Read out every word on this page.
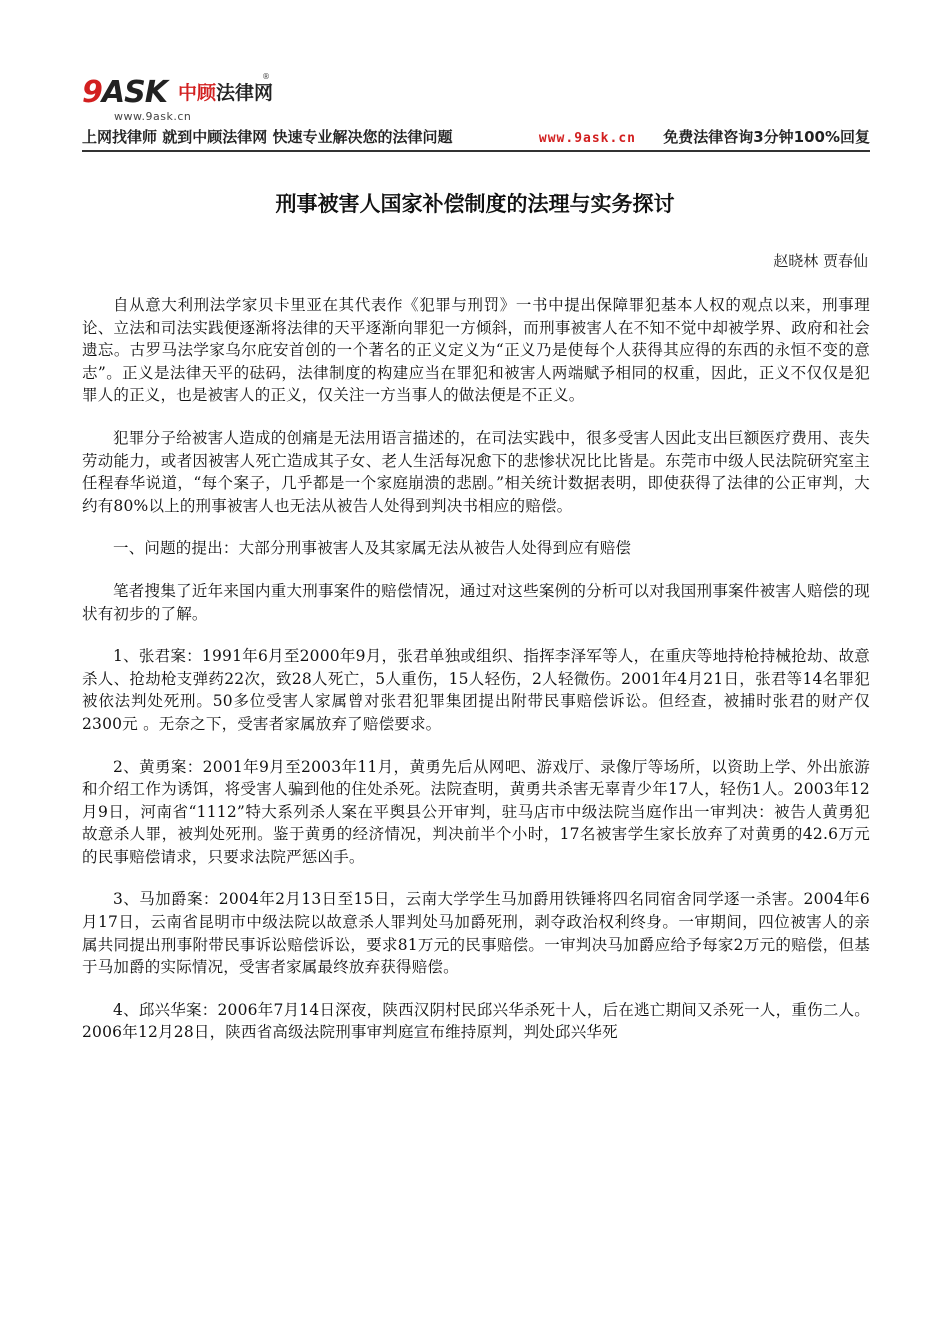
9ASK 中顾法律网
®
www.9ask.cn
上网找律师 就到中顾法律网 快速专业解决您的法律问题	www.9ask.cn 免费法律咨询3分钟100%回复
刑事被害人国家补偿制度的法理与实务探讨
赵晓林 贾春仙

自从意大利刑法学家贝卡里亚在其代表作《犯罪与刑罚》一书中提出保障罪犯基本人权的观点以来，刑事理论、立法和司法实践便逐渐将法律的天平逐渐向罪犯一方倾斜，而刑事被害人在不知不觉中却被学界、政府和社会遗忘。古罗马法学家乌尔庇安首创的一个著名的正义定义为“正义乃是使每个人获得其应得的东西的永恒不变的意志”。正义是法律天平的砝码，法律制度的构建应当在罪犯和被害人两端赋予相同的权重，因此，正义不仅仅是犯罪人的正义，也是被害人的正义，仅关注一方当事人的做法便是不正义。

犯罪分子给被害人造成的创痛是无法用语言描述的，在司法实践中，很多受害人因此支出巨额医疗费用、丧失劳动能力，或者因被害人死亡造成其子女、老人生活每况愈下的悲惨状况比比皆是。东莞市中级人民法院研究室主任程春华说道，“每个案子，几乎都是一个家庭崩溃的悲剧。”相关统计数据表明，即使获得了法律的公正审判，大约有80%以上的刑事被害人也无法从被告人处得到判决书相应的赔偿。

一、问题的提出：大部分刑事被害人及其家属无法从被告人处得到应有赔偿

笔者搜集了近年来国内重大刑事案件的赔偿情况，通过对这些案例的分析可以对我国刑事案件被害人赔偿的现状有初步的了解。

1、张君案：1991年6月至2000年9月，张君单独或组织、指挥李泽军等人，在重庆等地持枪持械抢劫、故意杀人、抢劫枪支弹药22次，致28人死亡，5人重伤，15人轻伤，2人轻微伤。2001年4月21日，张君等14名罪犯被依法判处死刑。50多位受害人家属曾对张君犯罪集团提出附带民事赔偿诉讼。但经查，被捕时张君的财产仅2300元 。无奈之下，受害者家属放弃了赔偿要求。

2、黄勇案：2001年9月至2003年11月，黄勇先后从网吧、游戏厅、录像厅等场所，以资助上学、外出旅游和介绍工作为诱饵，将受害人骗到他的住处杀死。法院查明，黄勇共杀害无辜青少年17人，轻伤1人。2003年12月9日，河南省“1112”特大系列杀人案在平舆县公开审判，驻马店市中级法院当庭作出一审判决：被告人黄勇犯故意杀人罪，被判处死刑。鉴于黄勇的经济情况，判决前半个小时，17名被害学生家长放弃了对黄勇的42.6万元的民事赔偿请求，只要求法院严惩凶手。

3、马加爵案：2004年2月13日至15日，云南大学学生马加爵用铁锤将四名同宿舍同学逐一杀害。2004年6月17日，云南省昆明市中级法院以故意杀人罪判处马加爵死刑，剥夺政治权利终身。一审期间，四位被害人的亲属共同提出刑事附带民事诉讼赔偿诉讼，要求81万元的民事赔偿。一审判决马加爵应给予每家2万元的赔偿，但基于马加爵的实际情况，受害者家属最终放弃获得赔偿。

4、邱兴华案：2006年7月14日深夜，陕西汉阴村民邱兴华杀死十人，后在逃亡期间又杀死一人，重伤二人。2006年12月28日，陕西省高级法院刑事审判庭宣布维持原判，判处邱兴华死
